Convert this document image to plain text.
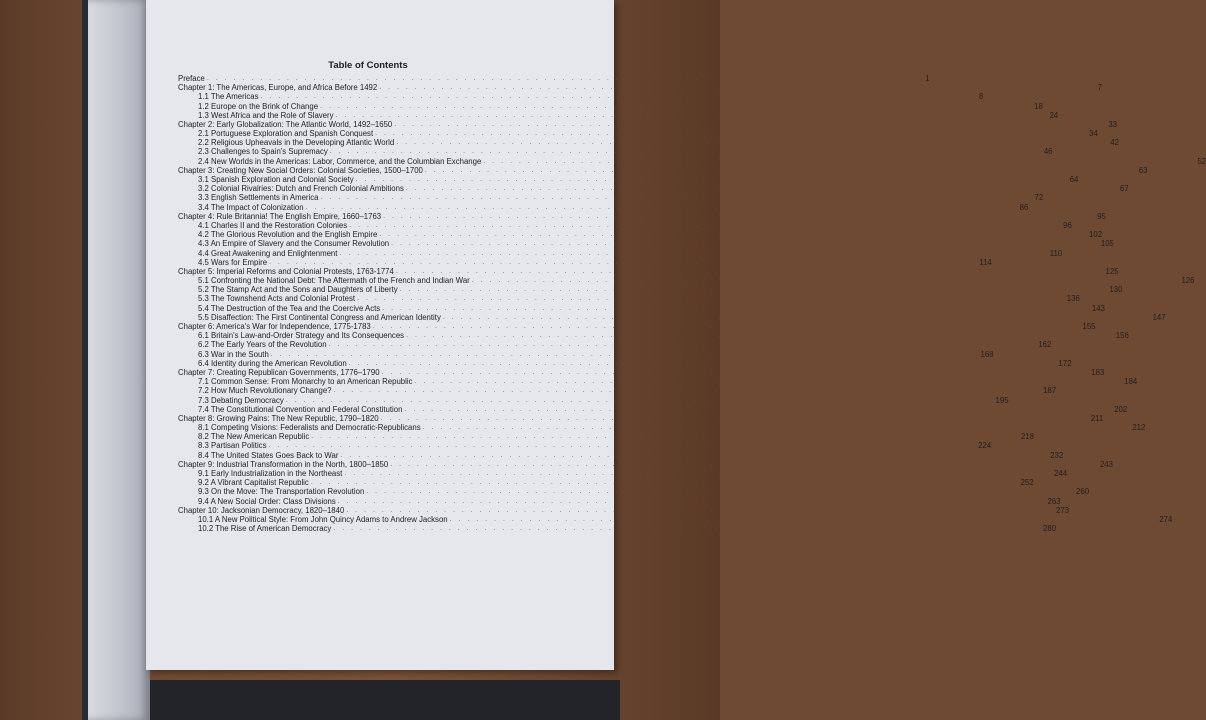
Table of Contents
Preface . . . . . . . . . . . . . . . . . . . . . . . . . . . . . . . . . . . . . . . . . . . . . . . . . . . . . . . . . . . . . . . . . . . . . . . . . . . . . . . .	1
Chapter 1: The Americas, Europe, and Africa Before 1492 . . . . . . . . . . . . . . . . . . . . . . . . . . . . . . . . . . . . . . . . . . . . . . . . . . . . . . . . . . . . . . . . . . . . . . . . . . . . . . . .	7
1.1 The Americas . . . . . . . . . . . . . . . . . . . . . . . . . . . . . . . . . . . . . . . . . . . . . . . . . . . . . . . . . . . . . . . . . . . . . . . . . . . . . . . .	8
1.2 Europe on the Brink of Change . . . . . . . . . . . . . . . . . . . . . . . . . . . . . . . . . . . . . . . . . . . . . . . . . . . . . . . . . . . . . . . . . . . . . . . . . . . . . . . . 18
1.3 West Africa and the Role of Slavery . . . . . . . . . . . . . . . . . . . . . . . . . . . . . . . . . . . . . . . . . . . . . . . . . . . . . . . . . . . . . . . . . . . . . . . . . . . . . . . . 24
Chapter 2: Early Globalization: The Atlantic World, 1492–1650 . . . . . . . . . . . . . . . . . . . . . . . . . . . . . . . . . . . . . . . . . . . . . . . . . . . . . . . . . . . . . . . . . . . . . . . . . . . . . . . . 33
2.1 Portuguese Exploration and Spanish Conquest . . . . . . . . . . . . . . . . . . . . . . . . . . . . . . . . . . . . . . . . . . . . . . . . . . . . . . . . . . . . . . . . . . . . . . . . . . . . . . . . 34
2.2 Religious Upheavals in the Developing Atlantic World . . . . . . . . . . . . . . . . . . . . . . . . . . . . . . . . . . . . . . . . . . . . . . . . . . . . . . . . . . . . . . . . . . . . . . . . . . . . . . . . 42
2.3 Challenges to Spain's Supremacy . . . . . . . . . . . . . . . . . . . . . . . . . . . . . . . . . . . . . . . . . . . . . . . . . . . . . . . . . . . . . . . . . . . . . . . . . . . . . . . . 46
2.4 New Worlds in the Americas: Labor, Commerce, and the Columbian Exchange . . . . . . . . . . . . . . . . . . . . . . . . . . . . . . . . . . . . . . . . . . . . . . . . . . . . . . . . . . . . . . . . . . . . . . . . . . . . . . . . 52
Chapter 3: Creating New Social Orders: Colonial Societies, 1500–1700 . . . . . . . . . . . . . . . . . . . . . . . . . . . . . . . . . . . . . . . . . . . . . . . . . . . . . . . . . . . . . . . . . . . . . . . . . . . . . . . . 63
3.1 Spanish Exploration and Colonial Society . . . . . . . . . . . . . . . . . . . . . . . . . . . . . . . . . . . . . . . . . . . . . . . . . . . . . . . . . . . . . . . . . . . . . . . . . . . . . . . . 64
3.2 Colonial Rivalries: Dutch and French Colonial Ambitions . . . . . . . . . . . . . . . . . . . . . . . . . . . . . . . . . . . . . . . . . . . . . . . . . . . . . . . . . . . . . . . . . . . . . . . . . . . . . . . . 67
3.3 English Settlements in America . . . . . . . . . . . . . . . . . . . . . . . . . . . . . . . . . . . . . . . . . . . . . . . . . . . . . . . . . . . . . . . . . . . . . . . . . . . . . . . . 72
3.4 The Impact of Colonization . . . . . . . . . . . . . . . . . . . . . . . . . . . . . . . . . . . . . . . . . . . . . . . . . . . . . . . . . . . . . . . . . . . . . . . . . . . . . . . . 86
Chapter 4: Rule Britannia! The English Empire, 1660–1763 . . . . . . . . . . . . . . . . . . . . . . . . . . . . . . . . . . . . . . . . . . . . . . . . . . . . . . . . . . . . . . . . . . . . . . . . . . . . . . . . 95
4.1 Charles II and the Restoration Colonies . . . . . . . . . . . . . . . . . . . . . . . . . . . . . . . . . . . . . . . . . . . . . . . . . . . . . . . . . . . . . . . . . . . . . . . . . . . . . . . . 96
4.2 The Glorious Revolution and the English Empire . . . . . . . . . . . . . . . . . . . . . . . . . . . . . . . . . . . . . . . . . . . . . . . . . . . . . . . . . . . . . . . . . . . . . . . . . . . . . . . . 102
4.3 An Empire of Slavery and the Consumer Revolution . . . . . . . . . . . . . . . . . . . . . . . . . . . . . . . . . . . . . . . . . . . . . . . . . . . . . . . . . . . . . . . . . . . . . . . . . . . . . . . . 105
4.4 Great Awakening and Enlightenment . . . . . . . . . . . . . . . . . . . . . . . . . . . . . . . . . . . . . . . . . . . . . . . . . . . . . . . . . . . . . . . . . . . . . . . . . . . . . . . . 110
4.5 Wars for Empire . . . . . . . . . . . . . . . . . . . . . . . . . . . . . . . . . . . . . . . . . . . . . . . . . . . . . . . . . . . . . . . . . . . . . . . . . . . . . . . . 114
Chapter 5: Imperial Reforms and Colonial Protests, 1763-1774 . . . . . . . . . . . . . . . . . . . . . . . . . . . . . . . . . . . . . . . . . . . . . . . . . . . . . . . . . . . . . . . . . . . . . . . . . . . . . . . . 125
5.1 Confronting the National Debt: The Aftermath of the French and Indian War . . . . . . . . . . . . . . . . . . . . . . . . . . . . . . . . . . . . . . . . . . . . . . . . . . . . . . . . . . . . . . . . . . . . . . . . . . . . . . . . 126
5.2 The Stamp Act and the Sons and Daughters of Liberty . . . . . . . . . . . . . . . . . . . . . . . . . . . . . . . . . . . . . . . . . . . . . . . . . . . . . . . . . . . . . . . . . . . . . . . . . . . . . . . . 130
5.3 The Townshend Acts and Colonial Protest . . . . . . . . . . . . . . . . . . . . . . . . . . . . . . . . . . . . . . . . . . . . . . . . . . . . . . . . . . . . . . . . . . . . . . . . . . . . . . . . 136
5.4 The Destruction of the Tea and the Coercive Acts . . . . . . . . . . . . . . . . . . . . . . . . . . . . . . . . . . . . . . . . . . . . . . . . . . . . . . . . . . . . . . . . . . . . . . . . . . . . . . . . 143
5.5 Disaffection: The First Continental Congress and American Identity . . . . . . . . . . . . . . . . . . . . . . . . . . . . . . . . . . . . . . . . . . . . . . . . . . . . . . . . . . . . . . . . . . . . . . . . . . . . . . . . 147
Chapter 6: America's War for Independence, 1775-1783 . . . . . . . . . . . . . . . . . . . . . . . . . . . . . . . . . . . . . . . . . . . . . . . . . . . . . . . . . . . . . . . . . . . . . . . . . . . . . . . . 155
6.1 Britain's Law-and-Order Strategy and Its Consequences . . . . . . . . . . . . . . . . . . . . . . . . . . . . . . . . . . . . . . . . . . . . . . . . . . . . . . . . . . . . . . . . . . . . . . . . . . . . . . . . 156
6.2 The Early Years of the Revolution . . . . . . . . . . . . . . . . . . . . . . . . . . . . . . . . . . . . . . . . . . . . . . . . . . . . . . . . . . . . . . . . . . . . . . . . . . . . . . . . 162
6.3 War in the South . . . . . . . . . . . . . . . . . . . . . . . . . . . . . . . . . . . . . . . . . . . . . . . . . . . . . . . . . . . . . . . . . . . . . . . . . . . . . . . . 168
6.4 Identity during the American Revolution . . . . . . . . . . . . . . . . . . . . . . . . . . . . . . . . . . . . . . . . . . . . . . . . . . . . . . . . . . . . . . . . . . . . . . . . . . . . . . . . 172
Chapter 7: Creating Republican Governments, 1776–1790 . . . . . . . . . . . . . . . . . . . . . . . . . . . . . . . . . . . . . . . . . . . . . . . . . . . . . . . . . . . . . . . . . . . . . . . . . . . . . . . . 183
7.1 Common Sense: From Monarchy to an American Republic . . . . . . . . . . . . . . . . . . . . . . . . . . . . . . . . . . . . . . . . . . . . . . . . . . . . . . . . . . . . . . . . . . . . . . . . . . . . . . . . 184
7.2 How Much Revolutionary Change? . . . . . . . . . . . . . . . . . . . . . . . . . . . . . . . . . . . . . . . . . . . . . . . . . . . . . . . . . . . . . . . . . . . . . . . . . . . . . . . . 187
7.3 Debating Democracy . . . . . . . . . . . . . . . . . . . . . . . . . . . . . . . . . . . . . . . . . . . . . . . . . . . . . . . . . . . . . . . . . . . . . . . . . . . . . . . . 195
7.4 The Constitutional Convention and Federal Constitution . . . . . . . . . . . . . . . . . . . . . . . . . . . . . . . . . . . . . . . . . . . . . . . . . . . . . . . . . . . . . . . . . . . . . . . . . . . . . . . . 202
Chapter 8: Growing Pains: The New Republic, 1790–1820 . . . . . . . . . . . . . . . . . . . . . . . . . . . . . . . . . . . . . . . . . . . . . . . . . . . . . . . . . . . . . . . . . . . . . . . . . . . . . . . . 211
8.1 Competing Visions: Federalists and Democratic-Republicans . . . . . . . . . . . . . . . . . . . . . . . . . . . . . . . . . . . . . . . . . . . . . . . . . . . . . . . . . . . . . . . . . . . . . . . . . . . . . . . . 212
8.2 The New American Republic . . . . . . . . . . . . . . . . . . . . . . . . . . . . . . . . . . . . . . . . . . . . . . . . . . . . . . . . . . . . . . . . . . . . . . . . . . . . . . . . 218
8.3 Partisan Politics . . . . . . . . . . . . . . . . . . . . . . . . . . . . . . . . . . . . . . . . . . . . . . . . . . . . . . . . . . . . . . . . . . . . . . . . . . . . . . . . 224
8.4 The United States Goes Back to War . . . . . . . . . . . . . . . . . . . . . . . . . . . . . . . . . . . . . . . . . . . . . . . . . . . . . . . . . . . . . . . . . . . . . . . . . . . . . . . . 232
Chapter 9: Industrial Transformation in the North, 1800–1850 . . . . . . . . . . . . . . . . . . . . . . . . . . . . . . . . . . . . . . . . . . . . . . . . . . . . . . . . . . . . . . . . . . . . . . . . . . . . . . . . 243
9.1 Early Industrialization in the Northeast . . . . . . . . . . . . . . . . . . . . . . . . . . . . . . . . . . . . . . . . . . . . . . . . . . . . . . . . . . . . . . . . . . . . . . . . . . . . . . . . 244
9.2 A Vibrant Capitalist Republic . . . . . . . . . . . . . . . . . . . . . . . . . . . . . . . . . . . . . . . . . . . . . . . . . . . . . . . . . . . . . . . . . . . . . . . . . . . . . . . . 252
9.3 On the Move: The Transportation Revolution . . . . . . . . . . . . . . . . . . . . . . . . . . . . . . . . . . . . . . . . . . . . . . . . . . . . . . . . . . . . . . . . . . . . . . . . . . . . . . . . 260
9.4 A New Social Order: Class Divisions . . . . . . . . . . . . . . . . . . . . . . . . . . . . . . . . . . . . . . . . . . . . . . . . . . . . . . . . . . . . . . . . . . . . . . . . . . . . . . . . 263
Chapter 10: Jacksonian Democracy, 1820–1840 . . . . . . . . . . . . . . . . . . . . . . . . . . . . . . . . . . . . . . . . . . . . . . . . . . . . . . . . . . . . . . . . . . . . . . . . . . . . . . . . 273
10.1 A New Political Style: From John Quincy Adams to Andrew Jackson . . . . . . . . . . . . . . . . . . . . . . . . . . . . . . . . . . . . . . . . . . . . . . . . . . . . . . . . . . . . . . . . . . . . . . . . . . . . . . . . 274
10.2 The Rise of American Democracy . . . . . . . . . . . . . . . . . . . . . . . . . . . . . . . . . . . . . . . . . . . . . . . . . . . . . . . . . . . . . . . . . . . . . . . . . . . . . . . . 280
